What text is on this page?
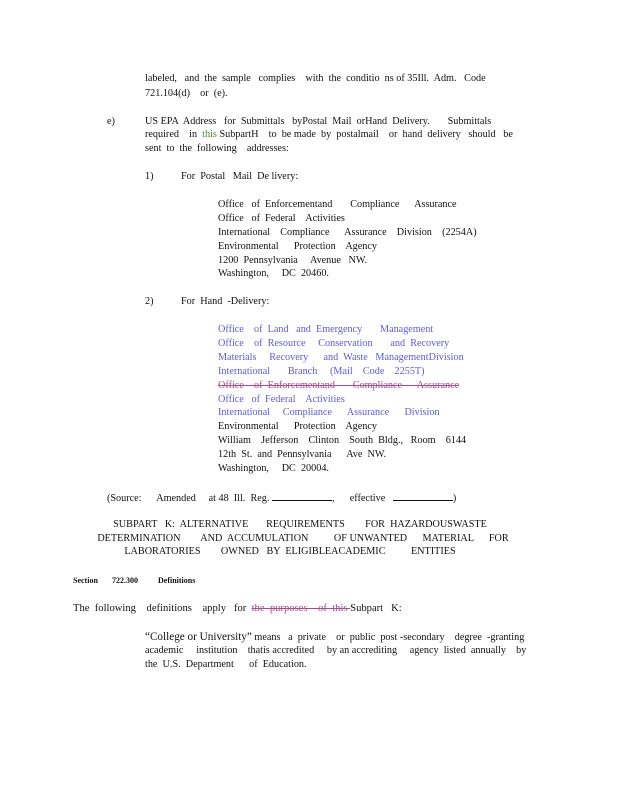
labeled,   and  the  sample   complies    with  the  conditio  ns of 35Ill.  Adm.   Code
721.104(d)    or  (e).
e)	US EPA  Address   for  Submittals   byPostal  Mail  orHand  Delivery.       Submittals
required    in  this SubpartH    to  be made  by  postalmail    or  hand  delivery   should   be
sent  to  the  following    addresses:
1)	For  Postal   Mail  De livery:
Office   of  Enforcementand       Compliance      Assurance
Office   of  Federal    Activities
International    Compliance      Assurance    Division    (2254A)
Environmental      Protection    Agency
1200  Pennsylvania     Avenue   NW.
Washington,     DC  20460.
2)	For  Hand  -Delivery:
Office    of  Land   and  Emergency       Management
Office    of  Resource     Conservation       and  Recovery
Materials     Recovery      and  Waste   ManagementDivision
International       Branch     (Mail    Code    2255T)
Office    of  Enforcementand       Compliance      Assurance
Office   of  Federal    Activities
International     Compliance      Assurance      Division
Environmental      Protection    Agency
William    Jefferson    Clinton    South  Bldg.,   Room    6144
12th  St.  and  Pennsylvania      Ave  NW.
Washington,     DC  20004.
(Source:      Amended     at 48  Ill.  Reg.	,      effective	)
SUBPART   K:  ALTERNATIVE       REQUIREMENTS        FOR  HAZARDOUSWASTE
DETERMINATION        AND  ACCUMULATION          OF UNWANTED      MATERIAL      FOR
LABORATORIES        OWNED   BY  ELIGIBLEACADEMIC          ENTITIES
Section 722.300	Definitions
The  following    definitions    apply   for  the  purposes    of  this Subpart   K:
“College or University” means   a  private    or  public  post -secondary    degree  -granting
academic     institution    thatis accredited     by an accrediting     agency  listed  annually    by
the  U.S.  Department      of  Education.
